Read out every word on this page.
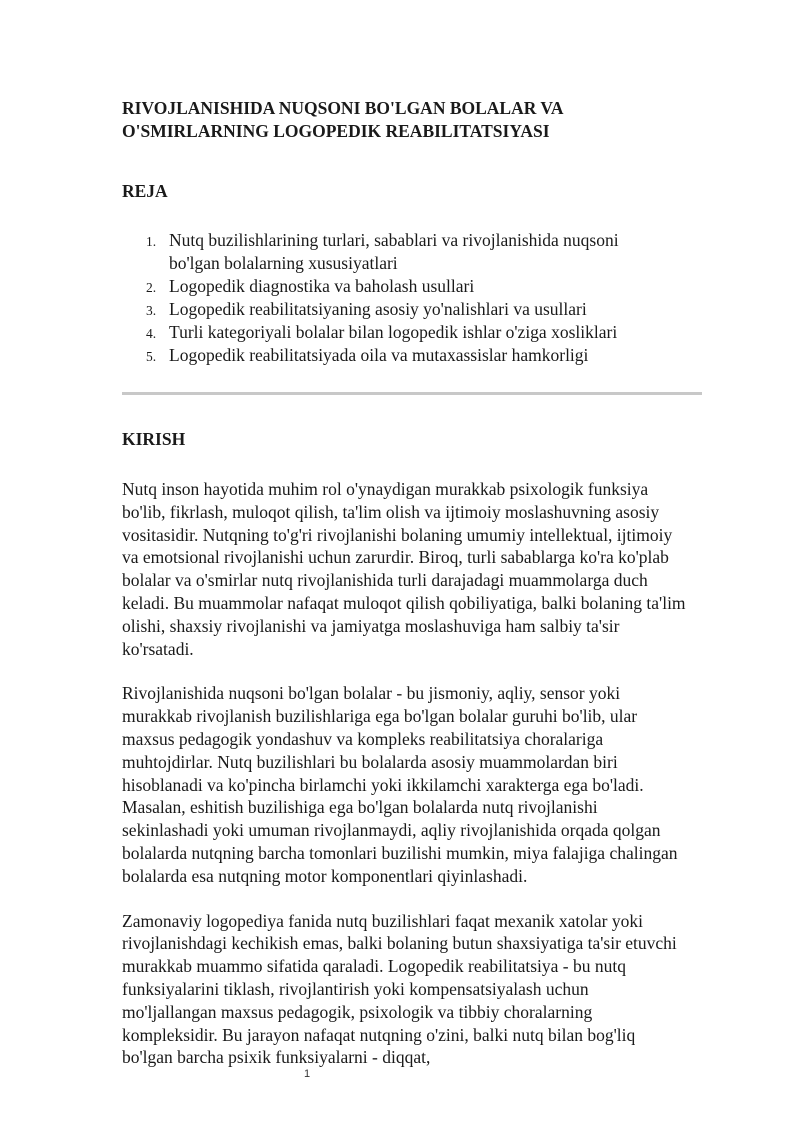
RIVOJLANISHIDA NUQSONI BO'LGAN BOLALAR VA
O'SMIRLARNING LOGOPEDIK REABILITATSIYASI
REJA
1. Nutq buzilishlarining turlari, sabablari va rivojlanishida nuqsoni bo'lgan bolalarning xususiyatlari
2. Logopedik diagnostika va baholash usullari
3. Logopedik reabilitatsiyaning asosiy yo'nalishlari va usullari
4. Turli kategoriyali bolalar bilan logopedik ishlar o'ziga xosliklari
5. Logopedik reabilitatsiyada oila va mutaxassislar hamkorligi
KIRISH

Nutq inson hayotida muhim rol o'ynaydigan murakkab psixologik funksiya bo'lib, fikrlash, muloqot qilish, ta'lim olish va ijtimoiy moslashuvning asosiy vositasidir. Nutqning to'g'ri rivojlanishi bolaning umumiy intellektual, ijtimoiy va emotsional rivojlanishi uchun zarurdir. Biroq, turli sabablarga ko'ra ko'plab bolalar va o'smirlar nutq rivojlanishida turli darajadagi muammolarga duch keladi. Bu muammolar nafaqat muloqot qilish qobiliyatiga, balki bolaning ta'lim olishi, shaxsiy rivojlanishi va jamiyatga moslashuviga ham salbiy ta'sir ko'rsatadi.

Rivojlanishida nuqsoni bo'lgan bolalar - bu jismoniy, aqliy, sensor yoki murakkab rivojlanish buzilishlariga ega bo'lgan bolalar guruhi bo'lib, ular maxsus pedagogik yondashuv va kompleks reabilitatsiya choralariga muhtojdirlar. Nutq buzilishlari bu bolalarda asosiy muammolardan biri hisoblanadi va ko'pincha birlamchi yoki ikkilamchi xarakterga ega bo'ladi. Masalan, eshitish buzilishiga ega bo'lgan bolalarda nutq rivojlanishi sekinlashadi yoki umuman rivojlanmaydi, aqliy rivojlanishida orqada qolgan bolalarda nutqning barcha tomonlari buzilishi mumkin, miya falajiga chalingan bolalarda esa nutqning motor komponentlari qiyinlashadi.

Zamonaviy logopediya fanida nutq buzilishlari faqat mexanik xatolar yoki rivojlanishdagi kechikish emas, balki bolaning butun shaxsiyatiga ta'sir etuvchi murakkab muammo sifatida qaraladi. Logopedik reabilitatsiya - bu nutq funksiyalarini tiklash, rivojlantirish yoki kompensatsiyalash uchun mo'ljallangan maxsus pedagogik, psixologik va tibbiy choralarning kompleksidir. Bu jarayon nafaqat nutqning o'zini, balki nutq bilan bog'liq bo'lgan barcha psixik funksiyalarni - diqqat,

1
